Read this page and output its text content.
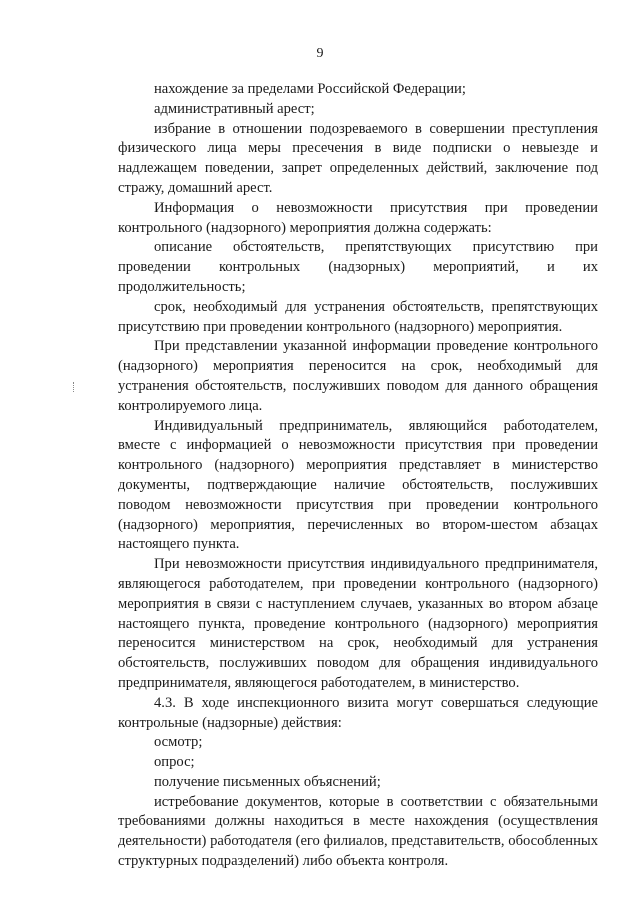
9

нахождение за пределами Российской Федерации;

административный арест;

избрание в отношении подозреваемого в совершении преступления физического лица меры пресечения в виде подписки о невыезде и надлежащем поведении, запрет определенных действий, заключение под стражу, домашний арест.

Информация о невозможности присутствия при проведении контрольного (надзорного) мероприятия должна содержать:

описание обстоятельств, препятствующих присутствию при проведении контрольных (надзорных) мероприятий, и их продолжительность;

срок, необходимый для устранения обстоятельств, препятствующих присутствию при проведении контрольного (надзорного) мероприятия.

При представлении указанной информации проведение контрольного (надзорного) мероприятия переносится на срок, необходимый для устранения обстоятельств, послуживших поводом для данного обращения контролируемого лица.

Индивидуальный предприниматель, являющийся работодателем, вместе с информацией о невозможности присутствия при проведении контрольного (надзорного) мероприятия представляет в министерство документы, подтверждающие наличие обстоятельств, послуживших поводом невозможности присутствия при проведении контрольного (надзорного) мероприятия, перечисленных во втором-шестом абзацах настоящего пункта.

При невозможности присутствия индивидуального предпринимателя, являющегося работодателем, при проведении контрольного (надзорного) мероприятия в связи с наступлением случаев, указанных во втором абзаце настоящего пункта, проведение контрольного (надзорного) мероприятия переносится министерством на срок, необходимый для устранения обстоятельств, послуживших поводом для обращения индивидуального предпринимателя, являющегося работодателем, в министерство.

4.3. В ходе инспекционного визита могут совершаться следующие контрольные (надзорные) действия:

осмотр;

опрос;

получение письменных объяснений;

истребование документов, которые в соответствии с обязательными требованиями должны находиться в месте нахождения (осуществления деятельности) работодателя (его филиалов, представительств, обособленных структурных подразделений) либо объекта контроля.
